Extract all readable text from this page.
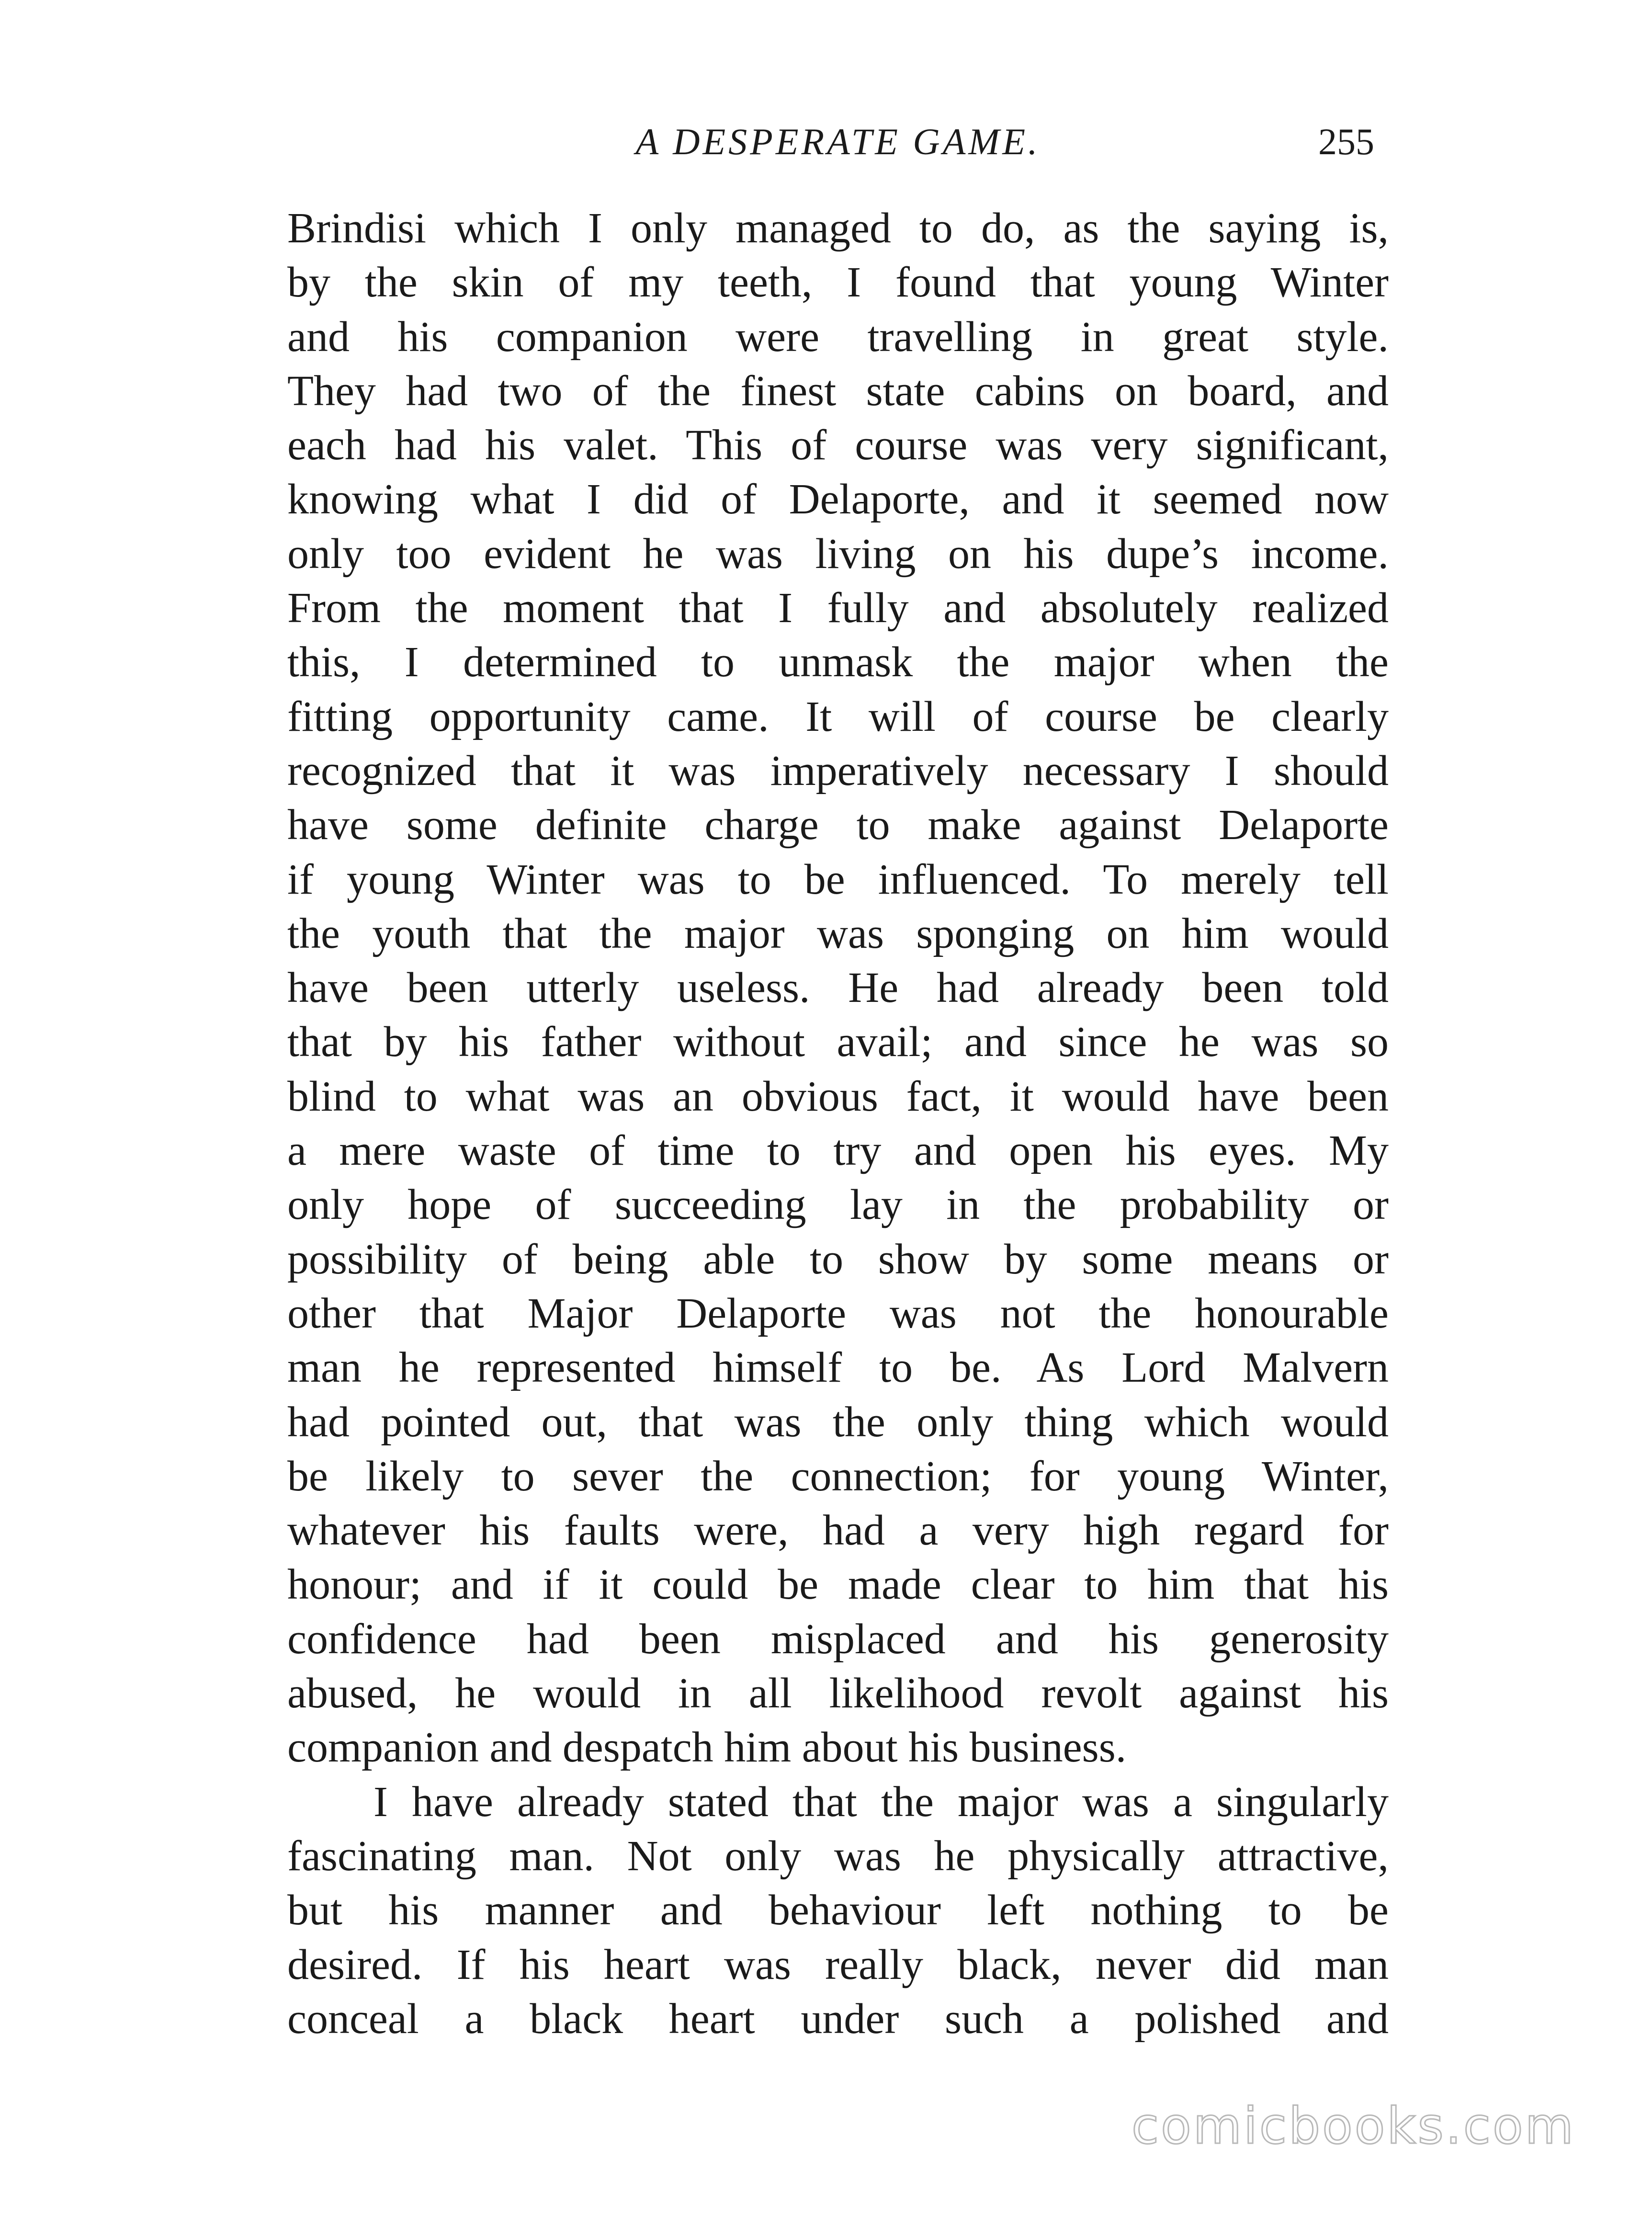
A DESPERATE GAME.	255
Brindisi which I only managed to do, as the saying is,
by the skin of my teeth, I found that young Winter
and his companion were travelling in great style.
They had two of the finest state cabins on board, and
each had his valet. This of course was very significant,
knowing what I did of Delaporte, and it seemed now
only too evident he was living on his dupe’s income.
From the moment that I fully and absolutely realized
this, I determined to unmask the major when the
fitting opportunity came. It will of course be clearly
recognized that it was imperatively necessary I should
have some definite charge to make against Delaporte
if young Winter was to be influenced. To merely tell
the youth that the major was sponging on him would
have been utterly useless. He had already been told
that by his father without avail; and since he was so
blind to what was an obvious fact, it would have been
a mere waste of time to try and open his eyes. My
only hope of succeeding lay in the probability or
possibility of being able to show by some means or
other that Major Delaporte was not the honourable
man he represented himself to be. As Lord Malvern
had pointed out, that was the only thing which would
be likely to sever the connection; for young Winter,
whatever his faults were, had a very high regard for
honour; and if it could be made clear to him that his
confidence had been misplaced and his generosity
abused, he would in all likelihood revolt against his
companion and despatch him about his business.
I have already stated that the major was a singularly
fascinating man. Not only was he physically attractive,
but his manner and behaviour left nothing to be
desired. If his heart was really black, never did man
conceal a black heart under such a polished and
comicbooks.com
